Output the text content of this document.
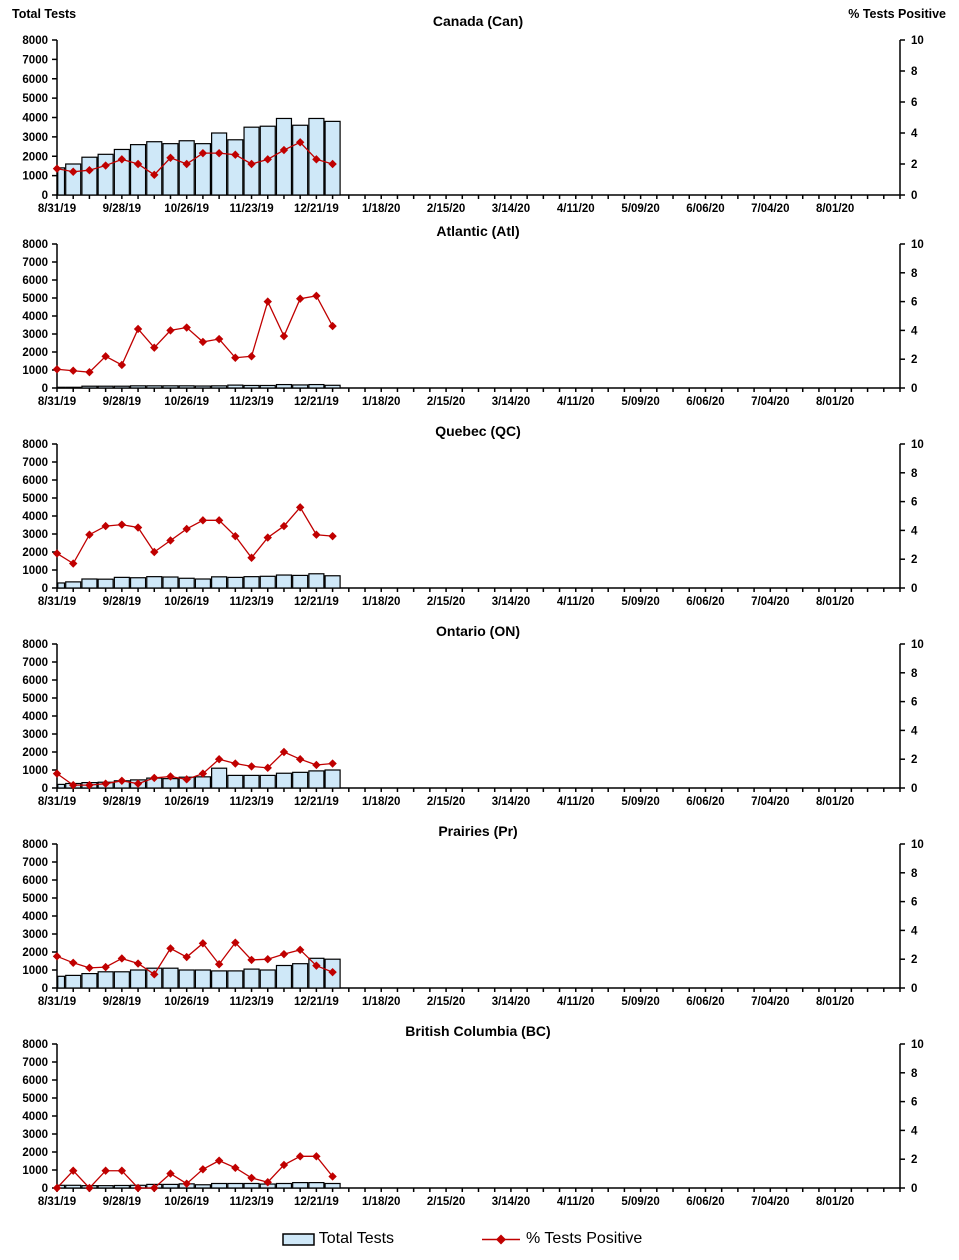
Total Tests	% Tests Positive
Canada (Can)
0
1000
2000
3000
4000
5000
6000
7000
8000
0
2
4
6
8
10
8/31/19 9/28/19 10/26/19 11/23/19 12/21/19 1/18/20 2/15/20 3/14/20 4/11/20 5/09/20 6/06/20 7/04/20 8/01/20
Atlantic (Atl)
0
1000
2000
3000
4000
5000
6000
7000
8000
0
2
4
6
8
10
8/31/19 9/28/19 10/26/19 11/23/19 12/21/19 1/18/20 2/15/20 3/14/20 4/11/20 5/09/20 6/06/20 7/04/20 8/01/20
Quebec (QC)
0
1000
2000
3000
4000
5000
6000
7000
8000
0
2
4
6
8
10
8/31/19 9/28/19 10/26/19 11/23/19 12/21/19 1/18/20 2/15/20 3/14/20 4/11/20 5/09/20 6/06/20 7/04/20 8/01/20
Ontario (ON)
0
1000
2000
3000
4000
5000
6000
7000
8000
0
2
4
6
8
10
8/31/19 9/28/19 10/26/19 11/23/19 12/21/19 1/18/20 2/15/20 3/14/20 4/11/20 5/09/20 6/06/20 7/04/20 8/01/20
Prairies (Pr)
0
1000
2000
3000
4000
5000
6000
7000
8000
0
2
4
6
8
10
8/31/19 9/28/19 10/26/19 11/23/19 12/21/19 1/18/20 2/15/20 3/14/20 4/11/20 5/09/20 6/06/20 7/04/20 8/01/20
British Columbia (BC)
0
1000
2000
3000
4000
5000
6000
7000
8000
0
2
4
6
8
10
8/31/19 9/28/19 10/26/19 11/23/19 12/21/19 1/18/20 2/15/20 3/14/20 4/11/20 5/09/20 6/06/20 7/04/20 8/01/20
Total Tests	% Tests Positive
